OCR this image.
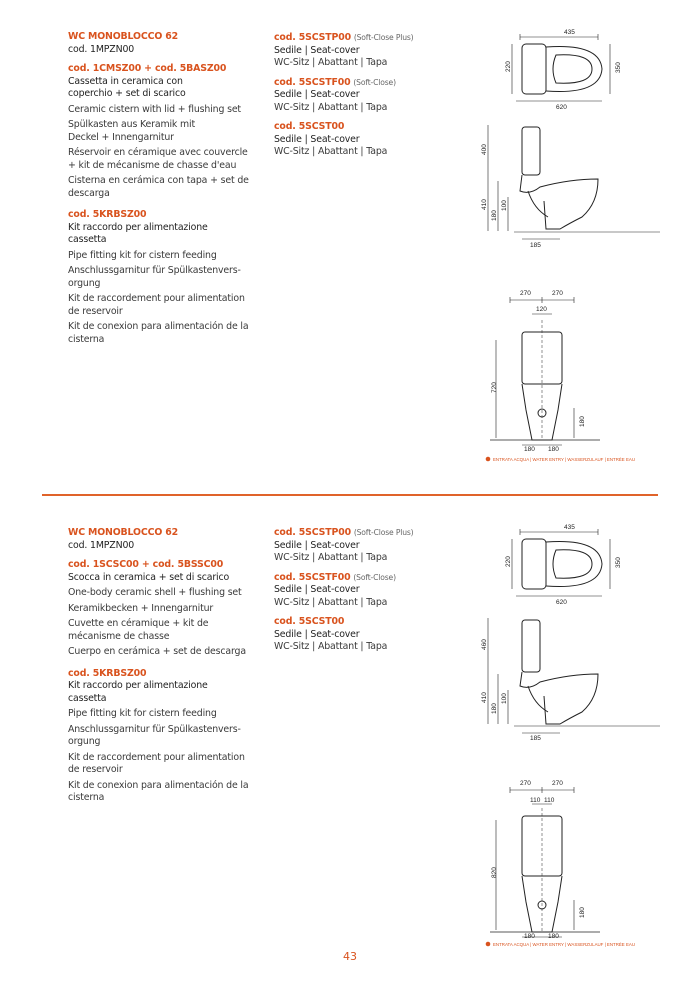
WC MONOBLOCCO 62
cod. 1MPZN00
cod. 1CMSZ00 + cod. 5BASZ00
Cassetta in ceramica con
coperchio + set di scarico
Ceramic cistern with lid + flushing set
Spülkasten aus Keramik mit
Deckel + Innengarnitur
Réservoir en céramique avec couvercle
+ kit de mécanisme de chasse d'eau
Cisterna en cerámica con tapa + set de
descarga
cod. 5KRBSZ00
Kit raccordo per alimentazione
cassetta
Pipe fitting kit for cistern feeding
Anschlussgarnitur für Spülkastenvers-
orgung
Kit de raccordement pour alimentation
de reservoir
Kit de conexion para alimentación de la
cisterna
cod. 5SCSTP00 (Soft-Close Plus)
Sedile | Seat-cover
WC-Sitz | Abattant | Tapa
cod. 5SCSTF00 (Soft-Close)
Sedile | Seat-cover
WC-Sitz | Abattant | Tapa
cod. 5SCST00
Sedile | Seat-cover
WC-Sitz | Abattant | Tapa
435
220	350
620
400
410
180
100
185
270	270
120
720
180 180
180
ENTRATA ACQUA | WATER ENTRY | WASSERZULAUF | ENTRÉE EAU
WC MONOBLOCCO 62
cod. 1MPZN00
cod. 1SCSC00 + cod. 5BSSC00
Scocca in ceramica + set di scarico
One-body ceramic shell + flushing set
Keramikbecken + Innengarnitur
Cuvette en céramique + kit de
mécanisme de chasse
Cuerpo en cerámica + set de descarga
cod. 5KRBSZ00
Kit raccordo per alimentazione
cassetta
Pipe fitting kit for cistern feeding
Anschlussgarnitur für Spülkastenvers-
orgung
Kit de raccordement pour alimentation
de reservoir
Kit de conexion para alimentación de la
cisterna
cod. 5SCSTP00 (Soft-Close Plus)
Sedile | Seat-cover
WC-Sitz | Abattant | Tapa
cod. 5SCSTF00 (Soft-Close)
Sedile | Seat-cover
WC-Sitz | Abattant | Tapa
cod. 5SCST00
Sedile | Seat-cover
WC-Sitz | Abattant | Tapa
435
220	350
620
460
410
180
100
185
270	270
110 110
820
180 180
180
ENTRATA ACQUA | WATER ENTRY | WASSERZULAUF | ENTRÉE EAU
43
